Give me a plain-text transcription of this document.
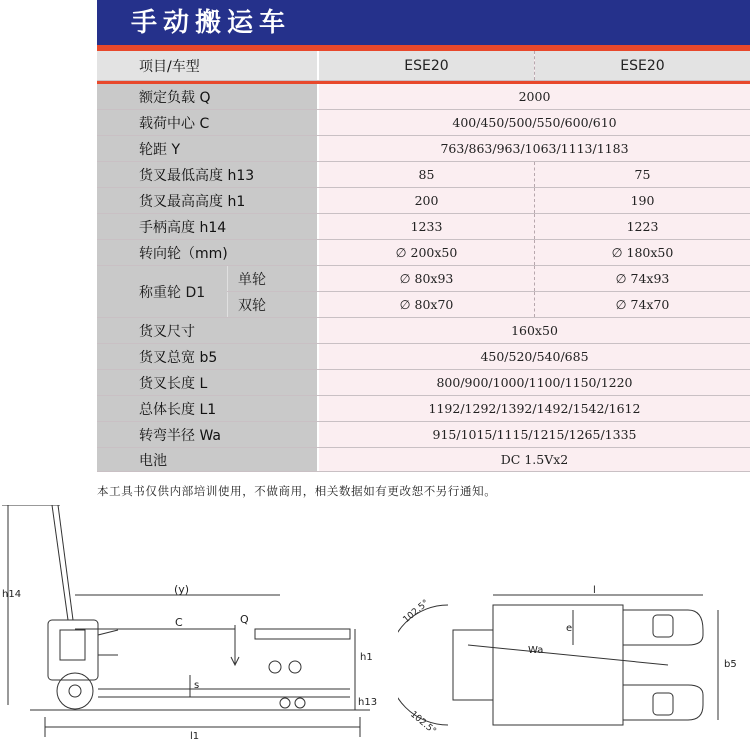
手动搬运车
项目/车型	ESE20	ESE20
额定负载 Q	2000
载荷中心 C	400/450/500/550/600/610
轮距 Y	763/863/963/1063/1113/1183
货叉最低高度 h13	85	75
货叉最高高度 h1	200	190
手柄高度 h14	1233	1223
转向轮（mm)	∅ 200x50	∅ 180x50
称重轮 D1
单轮	∅ 80x93	∅ 74x93
双轮	∅ 80x70	∅ 74x70
货叉尺寸	160x50
货叉总宽 b5	450/520/540/685
货叉长度 L	800/900/1000/1100/1150/1220
总体长度 L1	1192/1292/1392/1492/1542/1612
转弯半径 Wa	915/1015/1115/1215/1265/1335
电池	DC 1.5Vx2
本工具书仅供内部培训使用，不做商用，相关数据如有更改恕不另行通知。
h14	(y)
C	Q
h1
s
h13
l1
102.5°
102.5°
l
e
Wa
b5
